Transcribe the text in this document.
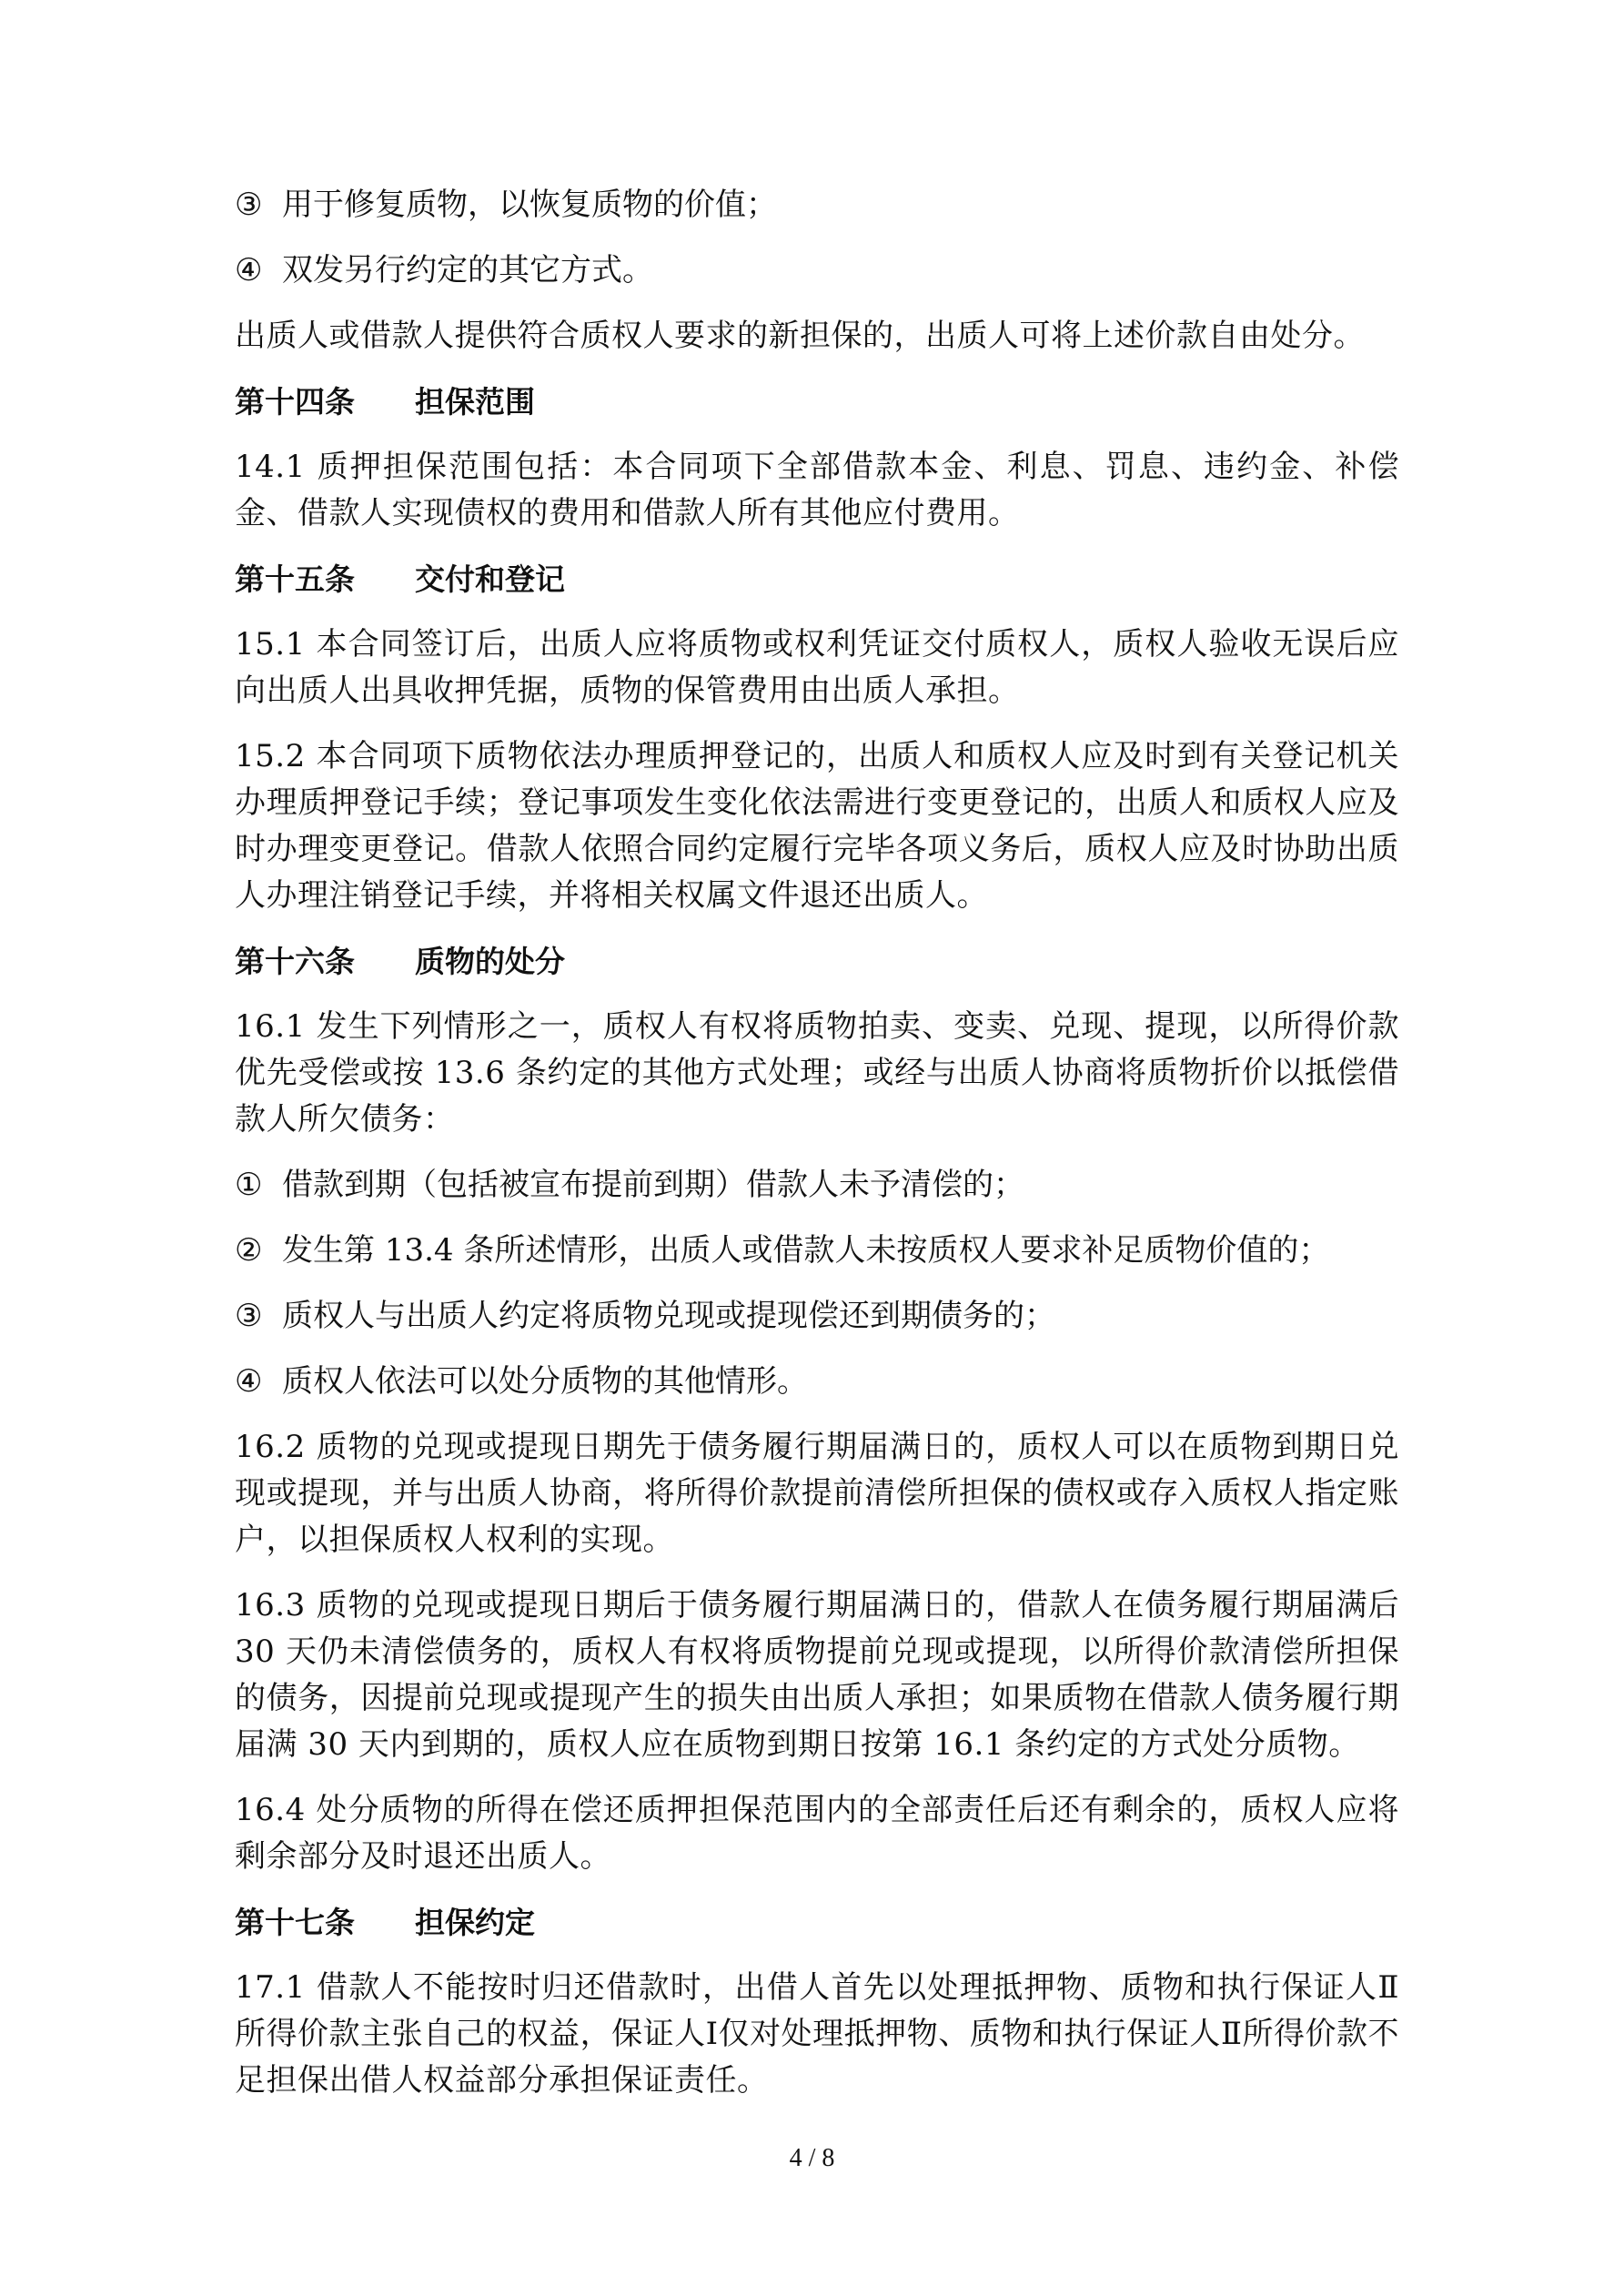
③ 用于修复质物，以恢复质物的价值；
④ 双发另行约定的其它方式。
出质人或借款人提供符合质权人要求的新担保的，出质人可将上述价款自由处分。
第十四条 担保范围
14.1 质押担保范围包括：本合同项下全部借款本金、利息、罚息、违约金、补偿金、借款人实现债权的费用和借款人所有其他应付费用。
第十五条 交付和登记
15.1 本合同签订后，出质人应将质物或权利凭证交付质权人，质权人验收无误后应向出质人出具收押凭据，质物的保管费用由出质人承担。
15.2 本合同项下质物依法办理质押登记的，出质人和质权人应及时到有关登记机关办理质押登记手续；登记事项发生变化依法需进行变更登记的，出质人和质权人应及时办理变更登记。借款人依照合同约定履行完毕各项义务后，质权人应及时协助出质人办理注销登记手续，并将相关权属文件退还出质人。
第十六条 质物的处分
16.1 发生下列情形之一，质权人有权将质物拍卖、变卖、兑现、提现，以所得价款优先受偿或按 13.6 条约定的其他方式处理；或经与出质人协商将质物折价以抵偿借款人所欠债务：
① 借款到期（包括被宣布提前到期）借款人未予清偿的；
② 发生第 13.4 条所述情形，出质人或借款人未按质权人要求补足质物价值的；
③ 质权人与出质人约定将质物兑现或提现偿还到期债务的；
④ 质权人依法可以处分质物的其他情形。
16.2 质物的兑现或提现日期先于债务履行期届满日的，质权人可以在质物到期日兑现或提现，并与出质人协商，将所得价款提前清偿所担保的债权或存入质权人指定账户，以担保质权人权利的实现。
16.3 质物的兑现或提现日期后于债务履行期届满日的，借款人在债务履行期届满后 30 天仍未清偿债务的，质权人有权将质物提前兑现或提现，以所得价款清偿所担保的债务，因提前兑现或提现产生的损失由出质人承担；如果质物在借款人债务履行期届满 30 天内到期的，质权人应在质物到期日按第 16.1 条约定的方式处分质物。
16.4 处分质物的所得在偿还质押担保范围内的全部责任后还有剩余的，质权人应将剩余部分及时退还出质人。
第十七条 担保约定
17.1 借款人不能按时归还借款时，出借人首先以处理抵押物、质物和执行保证人Ⅱ所得价款主张自己的权益，保证人Ⅰ仅对处理抵押物、质物和执行保证人Ⅱ所得价款不足担保出借人权益部分承担保证责任。
4 / 8
